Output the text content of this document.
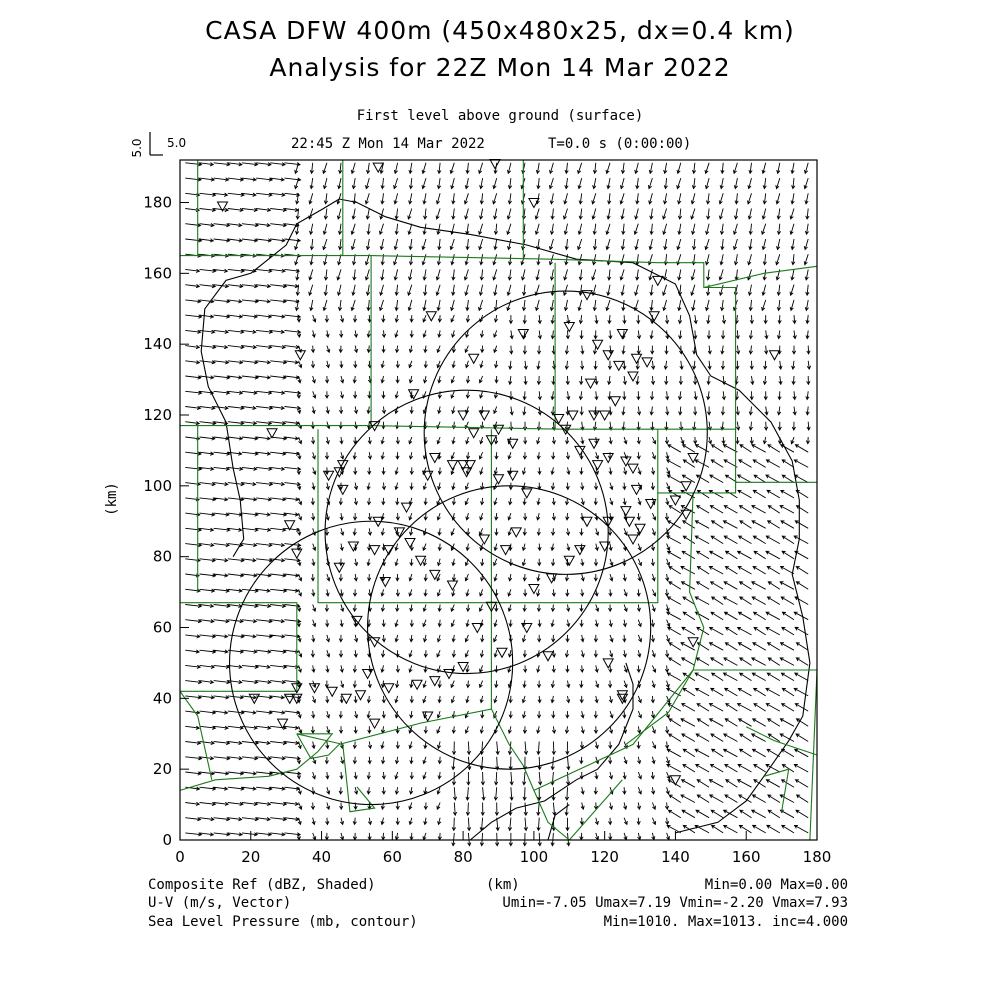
CASA DFW 400m (450x480x25, dx=0.4 km)
Analysis for 22Z Mon 14 Mar 2022
First level above ground (surface)
22:45 Z Mon 14 Mar 2022	T=0.0 s (0:00:00)
5.0 5.0
0	20	40	60	80	100	120	140	160	180
0
20
40
60
80
100
120
140
160
180
(km)
(km)
Composite Ref (dBZ, Shaded)	Min=0.00 Max=0.00
U-V (m/s, Vector)	Umin=-7.05 Umax=7.19 Vmin=-2.20 Vmax=7.93
Sea Level Pressure (mb, contour)	Min=1010. Max=1013. inc=4.000
